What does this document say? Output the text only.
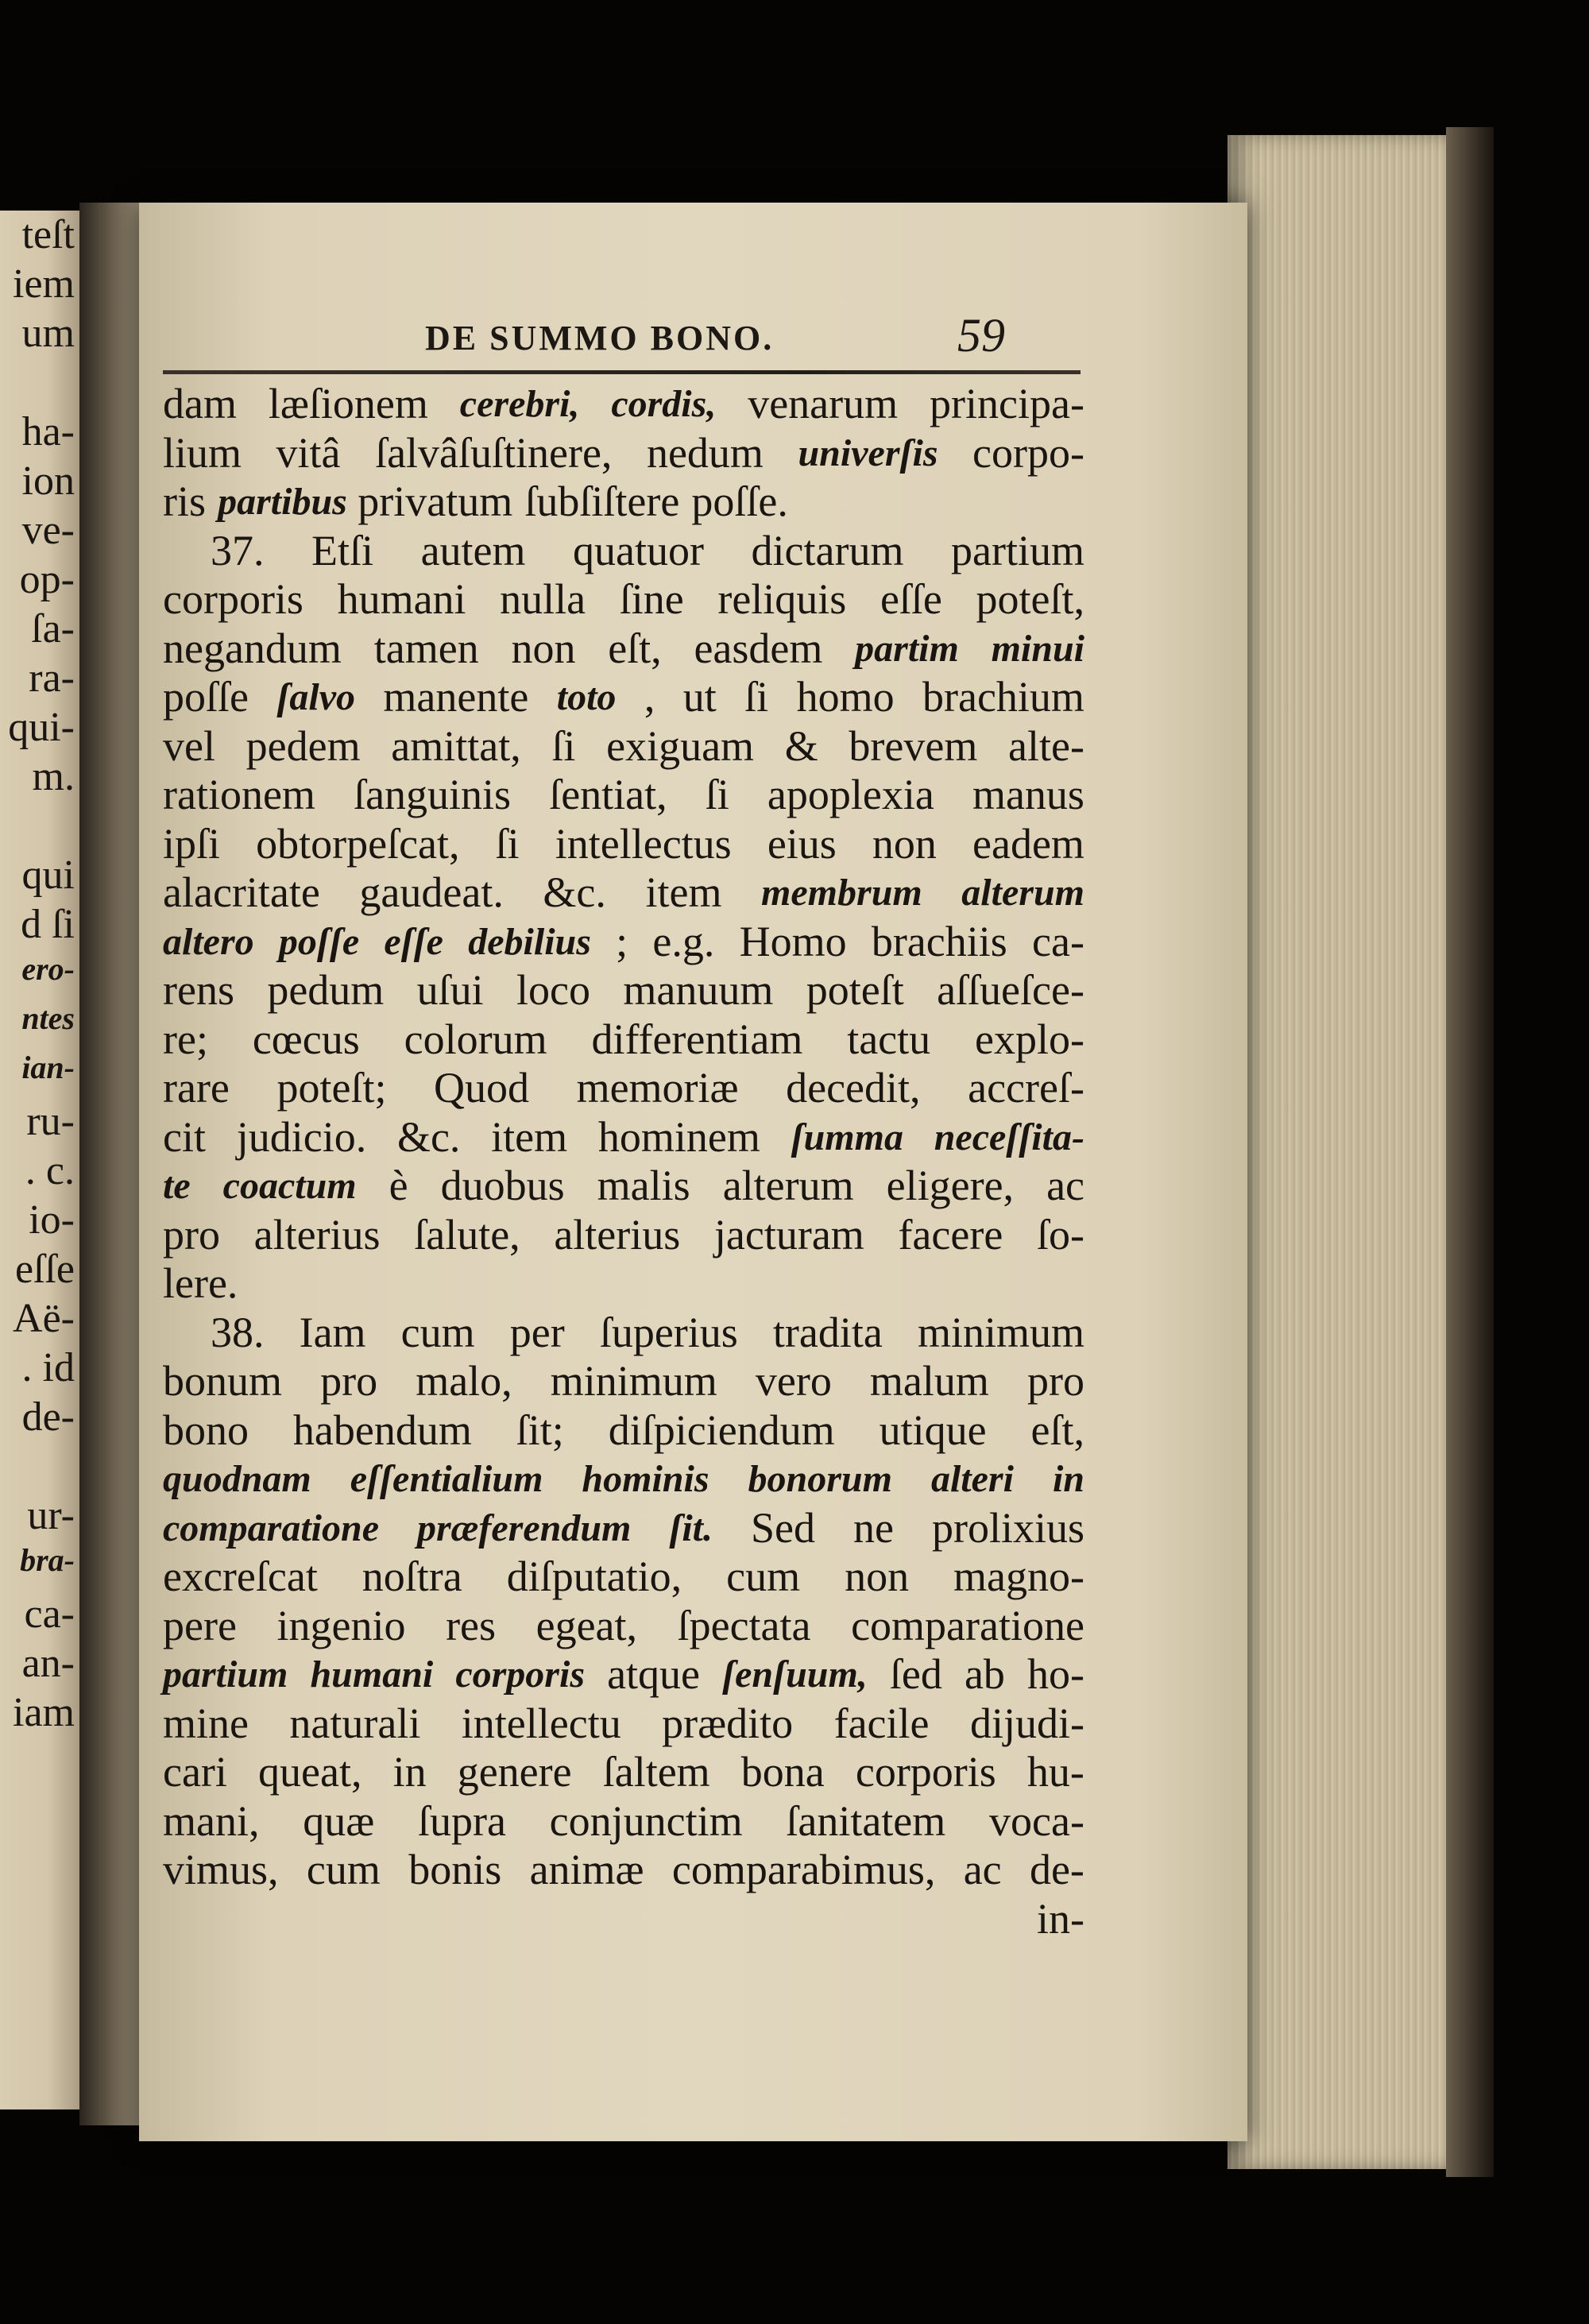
teſt
iem
um
ha-
ion
ve-
op-
ſa-
ra-
qui-
m.
qui
d ſi
ero-
ntes
ian-
ru-
. c.
io-
eſſe
Aë-
. id
de-
ur-
bra-
ca-
an-
iam
DE SUMMO BONO.	59
dam læſionem cerebri, cordis, venarum principa-
lium vitâ ſalvâſuſtinere, nedum univerſis corpo-
ris partibus privatum ſubſiſtere poſſe.
37. Etſi autem quatuor dictarum partium
corporis humani nulla ſine reliquis eſſe poteſt,
negandum tamen non eſt, easdem partim minui
poſſe ſalvo manente toto , ut ſi homo brachium
vel pedem amittat, ſi exiguam & brevem alte-
rationem ſanguinis ſentiat, ſi apoplexia manus
ipſi obtorpeſcat, ſi intellectus eius non eadem
alacritate gaudeat. &c. item membrum alterum
altero poſſe eſſe debilius ; e.g. Homo brachiis ca-
rens pedum uſui loco manuum poteſt aſſueſce-
re; cœcus colorum differentiam tactu explo-
rare poteſt; Quod memoriæ decedit, accreſ-
cit judicio. &c. item hominem ſumma neceſſita-
te coactum è duobus malis alterum eligere, ac
pro alterius ſalute, alterius jacturam facere ſo-
lere.
38. Iam cum per ſuperius tradita minimum
bonum pro malo, minimum vero malum pro
bono habendum ſit; diſpiciendum utique eſt,
quodnam eſſentialium hominis bonorum alteri in
comparatione præferendum ſit. Sed ne prolixius
excreſcat noſtra diſputatio, cum non magno-
pere ingenio res egeat, ſpectata comparatione
partium humani corporis atque ſenſuum, ſed ab ho-
mine naturali intellectu prædito facile dijudi-
cari queat, in genere ſaltem bona corporis hu-
mani, quæ ſupra conjunctim ſanitatem voca-
vimus, cum bonis animæ comparabimus, ac de-
in-
